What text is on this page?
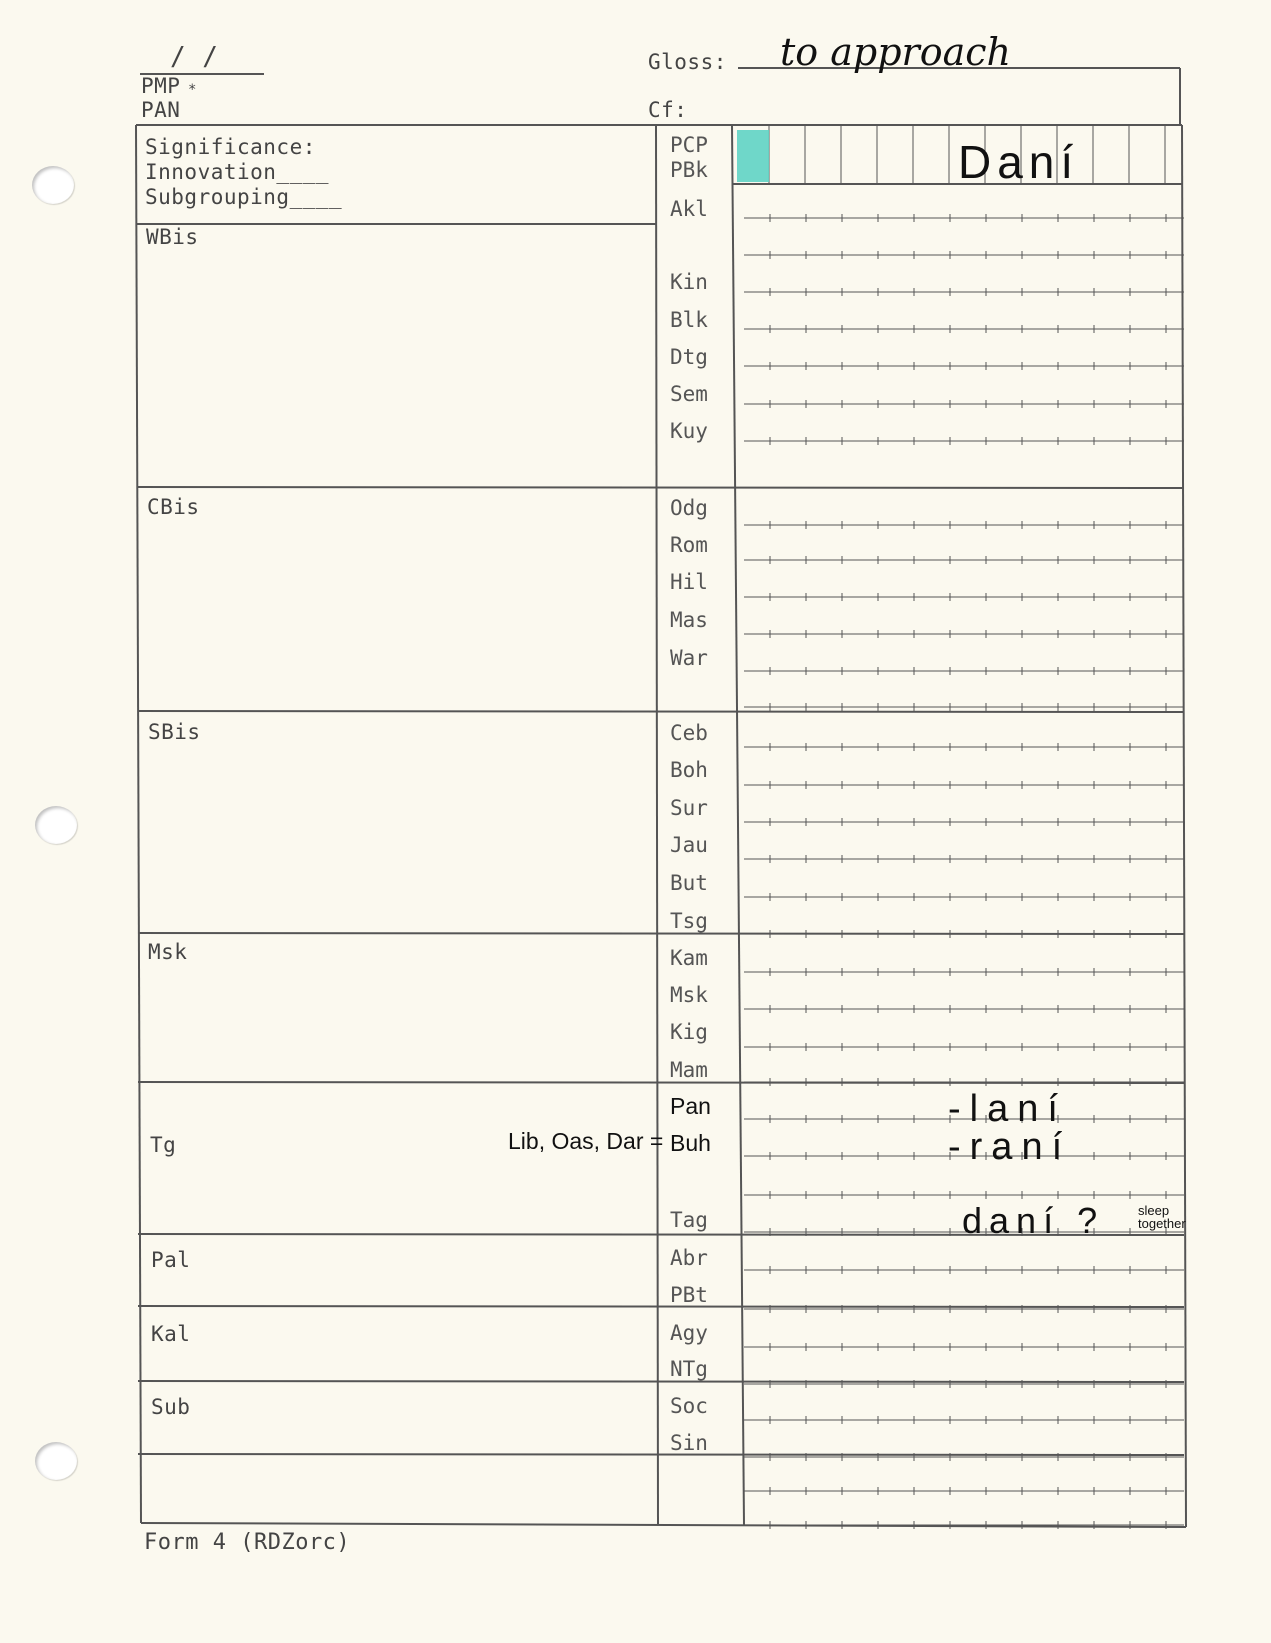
/ /
PMP *
PAN
Gloss: to approach
Cf:
Significance:
Innovation____
Subgrouping____
WBis
CBis
SBis
Msk
Tg	Lib, Oas, Dar =
Pal
Kal
Sub
PCP
PBk
Akl
Kin
Blk
Dtg
Sem
Kuy
Odg
Rom
Hil
Mas
War
Ceb
Boh
Sur
Jau
But
Tsg
Kam
Msk
Kig
Mam
Pan
Buh
Tag
Abr
PBt
Agy
NTg
Soc
Sin
Daní
-laní
-raní
daní ?	sleep together
Form 4 (RDZorc)
